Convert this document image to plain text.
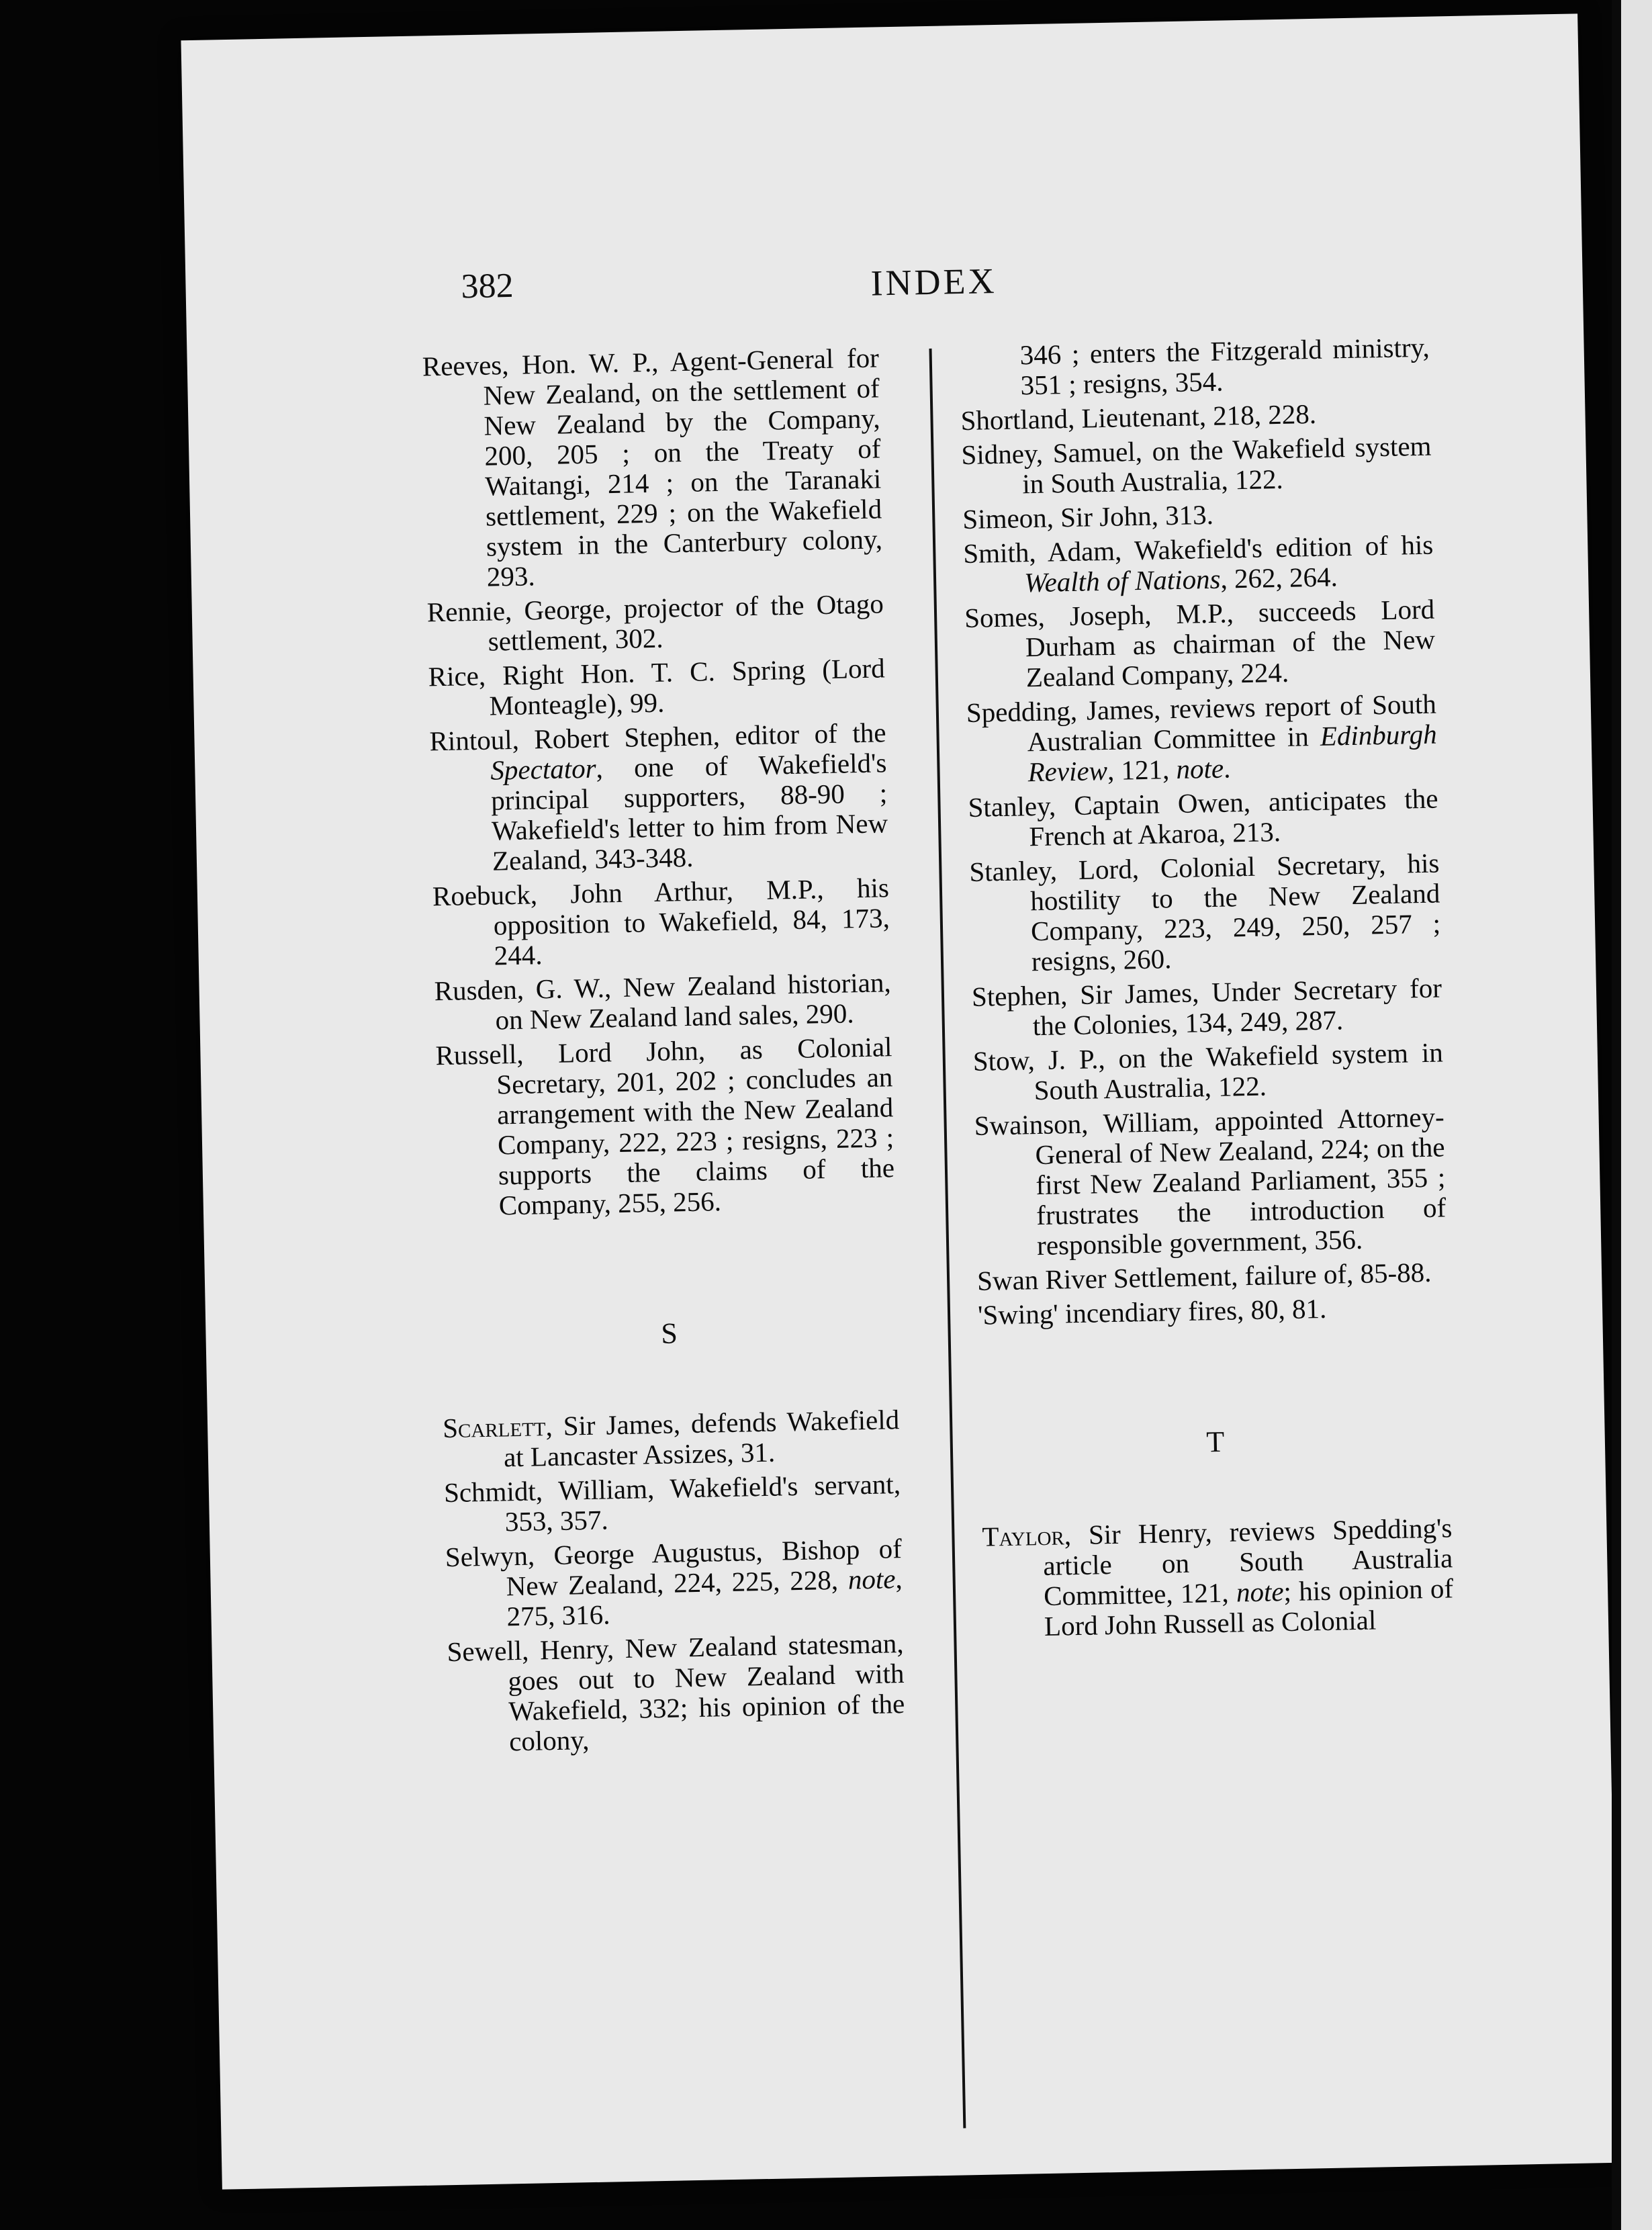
382	INDEX

Reeves, Hon. W. P., Agent-General for New Zealand, on the settlement of New Zealand by the Company, 200, 205 ; on the Treaty of Waitangi, 214 ; on the Taranaki settlement, 229 ; on the Wakefield system in the Canterbury colony, 293.

Rennie, George, projector of the Otago settlement, 302.

Rice, Right Hon. T. C. Spring (Lord Monteagle), 99.

Rintoul, Robert Stephen, editor of the Spectator, one of Wakefield's principal supporters, 88-90 ; Wakefield's letter to him from New Zealand, 343-348.

Roebuck, John Arthur, M.P., his opposition to Wakefield, 84, 173, 244.

Rusden, G. W., New Zealand historian, on New Zealand land sales, 290.

Russell, Lord John, as Colonial Secretary, 201, 202 ; concludes an arrangement with the New Zealand Company, 222, 223 ; resigns, 223 ; supports the claims of the Company, 255, 256.

S

Scarlett, Sir James, defends Wakefield at Lancaster Assizes, 31.

Schmidt, William, Wakefield's servant, 353, 357.

Selwyn, George Augustus, Bishop of New Zealand, 224, 225, 228, note, 275, 316.

Sewell, Henry, New Zealand statesman, goes out to New Zealand with Wakefield, 332; his opinion of the colony,

346 ; enters the Fitzgerald ministry, 351 ; resigns, 354.

Shortland, Lieutenant, 218, 228.

Sidney, Samuel, on the Wakefield system in South Australia, 122.

Simeon, Sir John, 313.

Smith, Adam, Wakefield's edition of his Wealth of Nations, 262, 264.

Somes, Joseph, M.P., succeeds Lord Durham as chairman of the New Zealand Company, 224.

Spedding, James, reviews report of South Australian Committee in Edinburgh Review, 121, note.

Stanley, Captain Owen, anticipates the French at Akaroa, 213.

Stanley, Lord, Colonial Secretary, his hostility to the New Zealand Company, 223, 249, 250, 257 ; resigns, 260.

Stephen, Sir James, Under Secretary for the Colonies, 134, 249, 287.

Stow, J. P., on the Wakefield system in South Australia, 122.

Swainson, William, appointed Attorney-General of New Zealand, 224; on the first New Zealand Parliament, 355 ; frustrates the introduction of responsible government, 356.

Swan River Settlement, failure of, 85-88.

'Swing' incendiary fires, 80, 81.

T

Taylor, Sir Henry, reviews Spedding's article on South Australia Committee, 121, note; his opinion of Lord John Russell as Colonial
